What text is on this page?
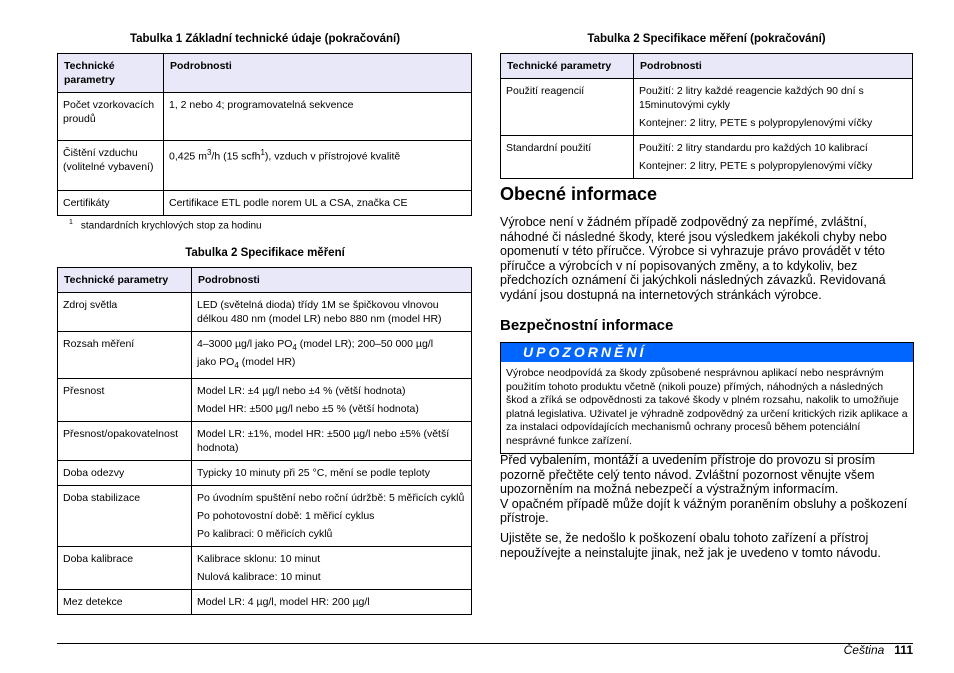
Tabulka 1 Základní technické údaje (pokračování)
Technické parametry	Podrobnosti
Počet vzorkovacích proudů	1, 2 nebo 4; programovatelná sekvence
Čištění vzduchu (volitelné vybavení)	0,425 $m^3/h$ (15 scfh$^1$), vzduch v přístrojové kvalitě
Certifikáty	Certifikace ETL podle norem UL a CSA, značka CE
$^1$ standardních krychlových stop za hodinu
Tabulka 2 Specifikace měření
Technické parametry	Podrobnosti
Zdroj světla	LED (světelná dioda) třídy 1M se špičkovou vlnovou délkou 480 nm (model LR) nebo 880 nm (model HR)

Rozsah měření	4–3000 µg/l jako $PO_4$ (model LR); 200–50 000 µg/l
jako $PO_4$ (model HR)
Přesnost	Model LR: ±4 µg/l nebo ±4 % (větší hodnota)

Model HR: ±500 µg/l nebo ±5 % (větší hodnota)

Přesnost/opakovatelnost	Model LR: ±1%, model HR: ±500 µg/l nebo ±5% (větší hodnota)

Doba odezvy	Typicky 10 minuty při 25 °C, mění se podle teploty

Doba stabilizace	Po úvodním spuštění nebo roční údržbě: 5 měřicích cyklů

Po pohotovostní době: 1 měřicí cyklus

Po kalibraci: 0 měřicích cyklů

Doba kalibrace	Kalibrace sklonu: 10 minut

Nulová kalibrace: 10 minut

Mez detekce	Model LR: 4 µg/l, model HR: 200 µg/l

Tabulka 2 Specifikace měření (pokračování)
Technické parametry	Podrobnosti
Použití reagencií	Použití: 2 litry každé reagencie každých 90 dní s 15minutovými cykly

Kontejner: 2 litry, PETE s polypropylenovými víčky

Standardní použití	Použití: 2 litry standardu pro každých 10 kalibrací

Kontejner: 2 litry, PETE s polypropylenovými víčky

Obecné informace

Výrobce není v žádném případě zodpovědný za nepřímé, zvláštní, náhodné či následné škody, které jsou výsledkem jakékoli chyby nebo opomenutí v této příručce. Výrobce si vyhrazuje právo provádět v této příručce a výrobcích v ní popisovaných změny, a to kdykoliv, bez předchozích oznámení či jakýchkoli následných závazků. Revidovaná vydání jsou dostupná na internetových stránkách výrobce.

Bezpečnostní informace
UPOZORNĚNÍ
Výrobce neodpovídá za škody způsobené nesprávnou aplikací nebo nesprávným použitím tohoto produktu včetně (nikoli pouze) přímých, náhodných a následných škod a zříká se odpovědnosti za takové škody v plném rozsahu, nakolik to umožňuje platná legislativa. Uživatel je výhradně zodpovědný za určení kritických rizik aplikace a za instalaci odpovídajících mechanismů ochrany procesů během potenciální nesprávné funkce zařízení.

Před vybalením, montáží a uvedením přístroje do provozu si prosím pozorně přečtěte celý tento návod. Zvláštní pozornost věnujte všem upozorněním na možná nebezpečí a výstražným informacím.
V opačném případě může dojít k vážným poraněním obsluhy a poškození přístroje.

Ujistěte se, že nedošlo k poškození obalu tohoto zařízení a přístroj nepoužívejte a neinstalujte jinak, než jak je uvedeno v tomto návodu.

Čeština 111
